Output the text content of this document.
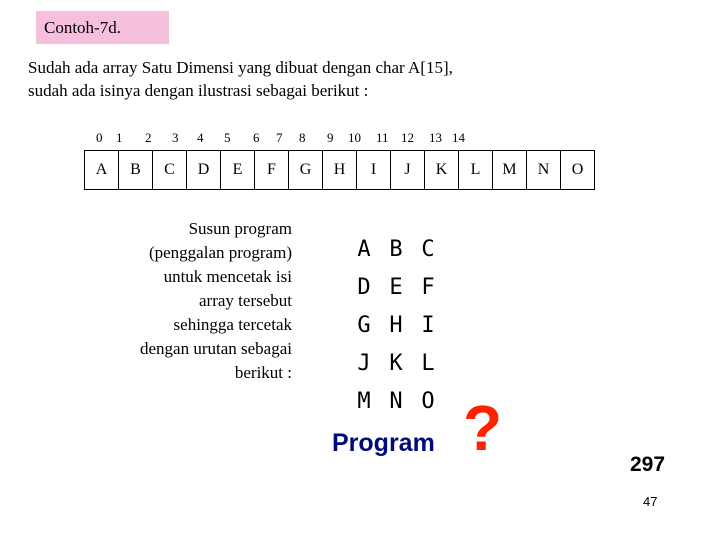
Contoh-7d.
Sudah ada array Satu Dimensi yang dibuat dengan char A[15],
sudah ada isinya dengan ilustrasi sebagai berikut :
0 1 2 3 4 5 6 7 8 9 10 11 12 13 14
A	B	C	D	E	F	G	H	I	J	K	L	M	N	O
Susun program
(penggalan program)
untuk mencetak isi
array tersebut
sehingga tercetak
dengan urutan sebagai
berikut :
A B C
D E F
G H I
J K L
M N O
Program ?
297
47
